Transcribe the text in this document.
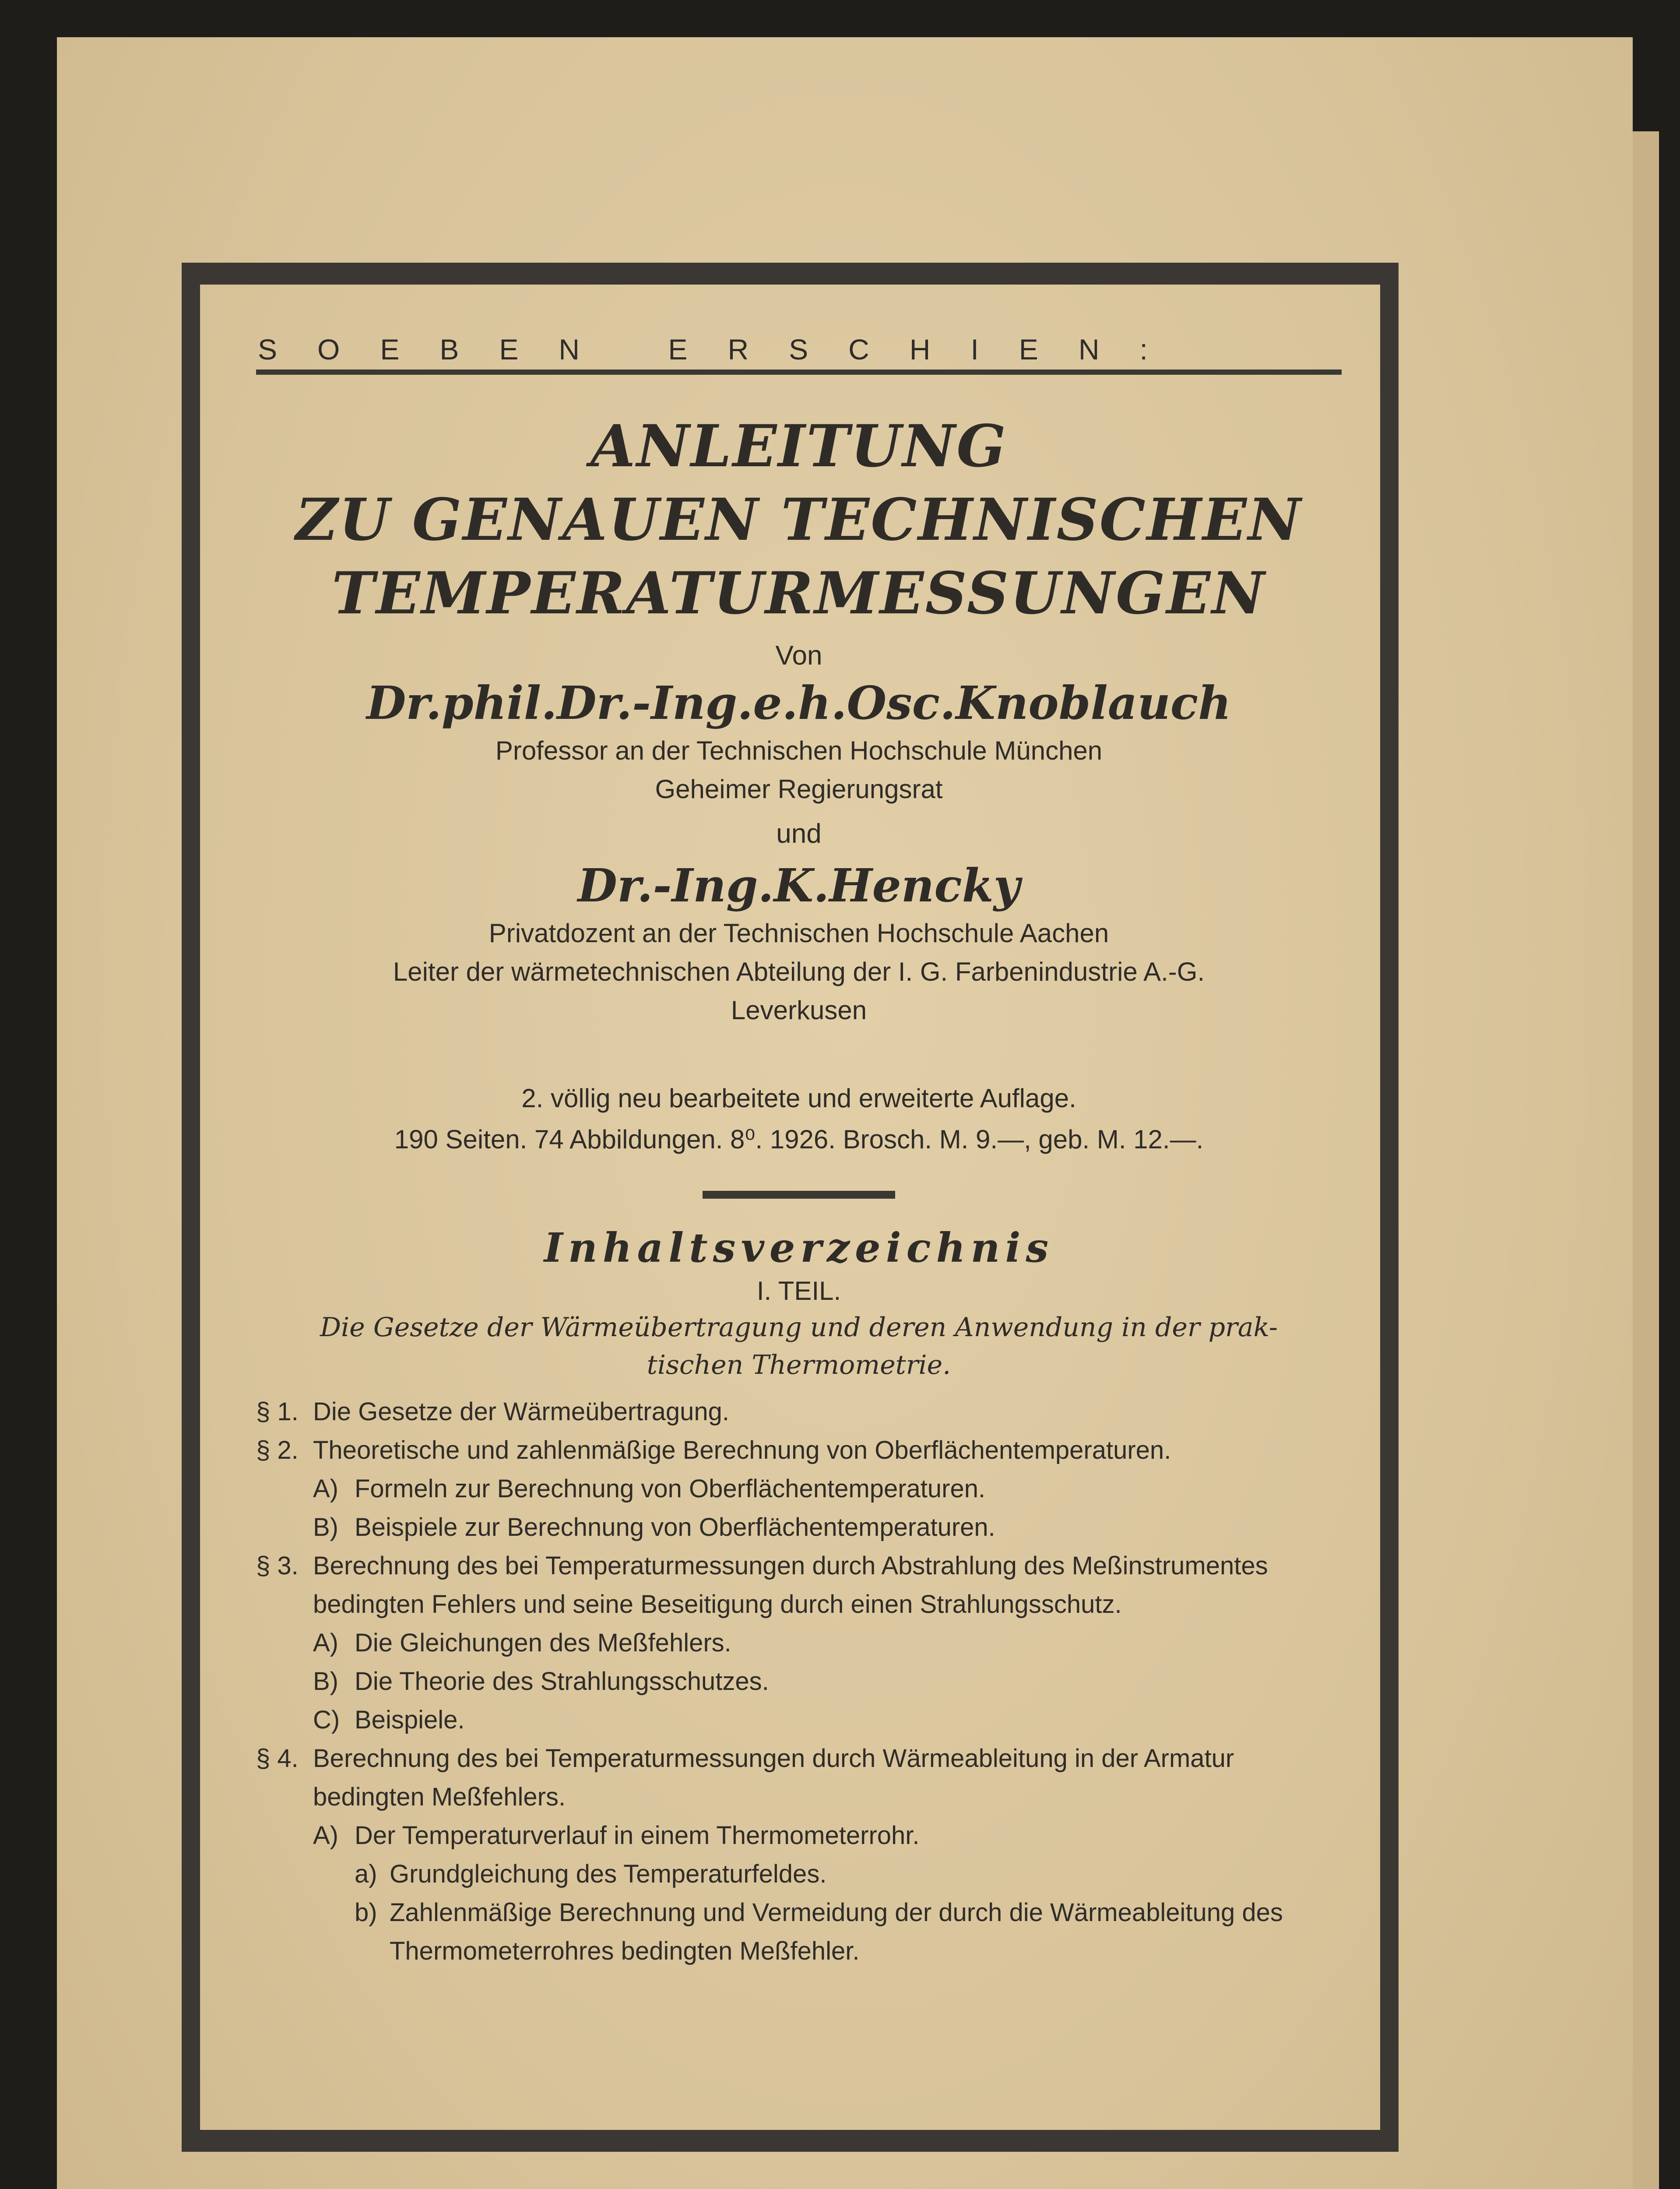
SOEBEN ERSCHIEN:
ANLEITUNG
ZU GENAUEN TECHNISCHEN
TEMPERATURMESSUNGEN
Von
Dr.phil.Dr.-Ing.e.h.Osc.Knoblauch
Professor an der Technischen Hochschule München
Geheimer Regierungsrat
und
Dr.-Ing.K.Hencky
Privatdozent an der Technischen Hochschule Aachen
Leiter der wärmetechnischen Abteilung der I. G. Farbenindustrie A.-G.
Leverkusen
2. völlig neu bearbeitete und erweiterte Auflage.
190 Seiten. 74 Abbildungen. 8⁰. 1926. Brosch. M. 9.—, geb. M. 12.—.
Inhaltsverzeichnis
I. TEIL.
Die Gesetze der Wärmeübertragung und deren Anwendung in der prak-
tischen Thermometrie.
§ 1. Die Gesetze der Wärmeübertragung.
§ 2. Theoretische und zahlenmäßige Berechnung von Oberflächentemperaturen.
A) Formeln zur Berechnung von Oberflächentemperaturen.
B) Beispiele zur Berechnung von Oberflächentemperaturen.
§ 3. Berechnung des bei Temperaturmessungen durch Abstrahlung des Meßinstrumentes bedingten Fehlers und seine Beseitigung durch einen Strahlungsschutz.
A) Die Gleichungen des Meßfehlers.
B) Die Theorie des Strahlungsschutzes.
C) Beispiele.
§ 4. Berechnung des bei Temperaturmessungen durch Wärmeableitung in der Armatur bedingten Meßfehlers.
A) Der Temperaturverlauf in einem Thermometerrohr.
a) Grundgleichung des Temperaturfeldes.
b) Zahlenmäßige Berechnung und Vermeidung der durch die Wärmeableitung des Thermometerrohres bedingten Meßfehler.
